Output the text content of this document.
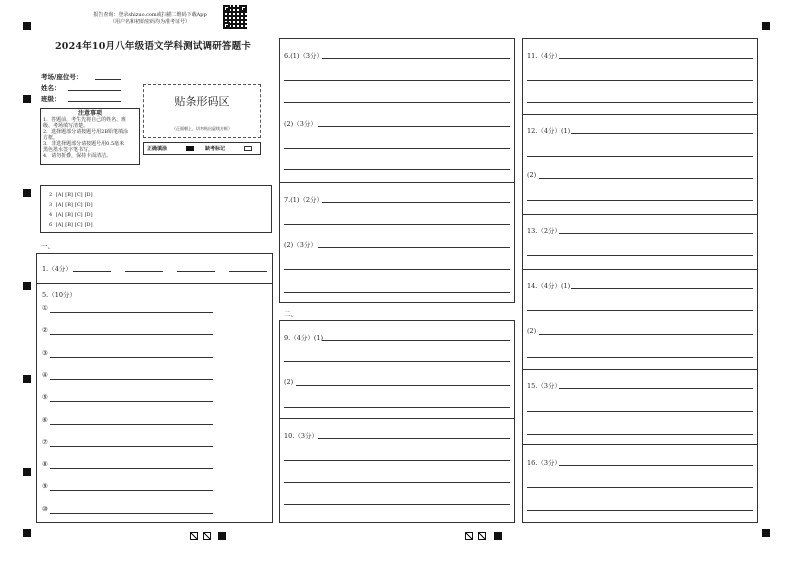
报告查询：登录shizuo.com或扫描二维码下载App
（用户名和初始密码均为准考证号）
2024年10月八年级语文学科测试调研答题卡
考场/座位号：
姓名：
班级：	贴条形码区
（正面朝上，切勿贴出虚线方框）
注意事项
1．答题前，考生先将自己的姓名、班
级、考场填写清楚。
2．选择题部分请按题号用2B铅笔填涂
方框。
3．非选择题部分请按题号用0.5毫米
黑色墨水签字笔书写。
4．请勿折叠，保持卡面清洁。
正确填涂	缺考标记
2 [A] [B] [C] [D]
3 [A] [B] [C] [D]
4 [A] [B] [C] [D]
6 [A] [B] [C] [D]
一、
1.（4分）
5.（10分）
①
②
③
④
⑤
⑥
⑦
⑧
⑨
⑩
6.(1)（3分）
(2)（3分）
7.(1)（2分）
(2)（3分）
二、
9.（4分）(1)
(2)
10.（3分）
11.（4分）
12.（4分）(1)
(2)
13.（2分）
14.（4分）(1)
(2)
15.（3分）
16.（3分）
